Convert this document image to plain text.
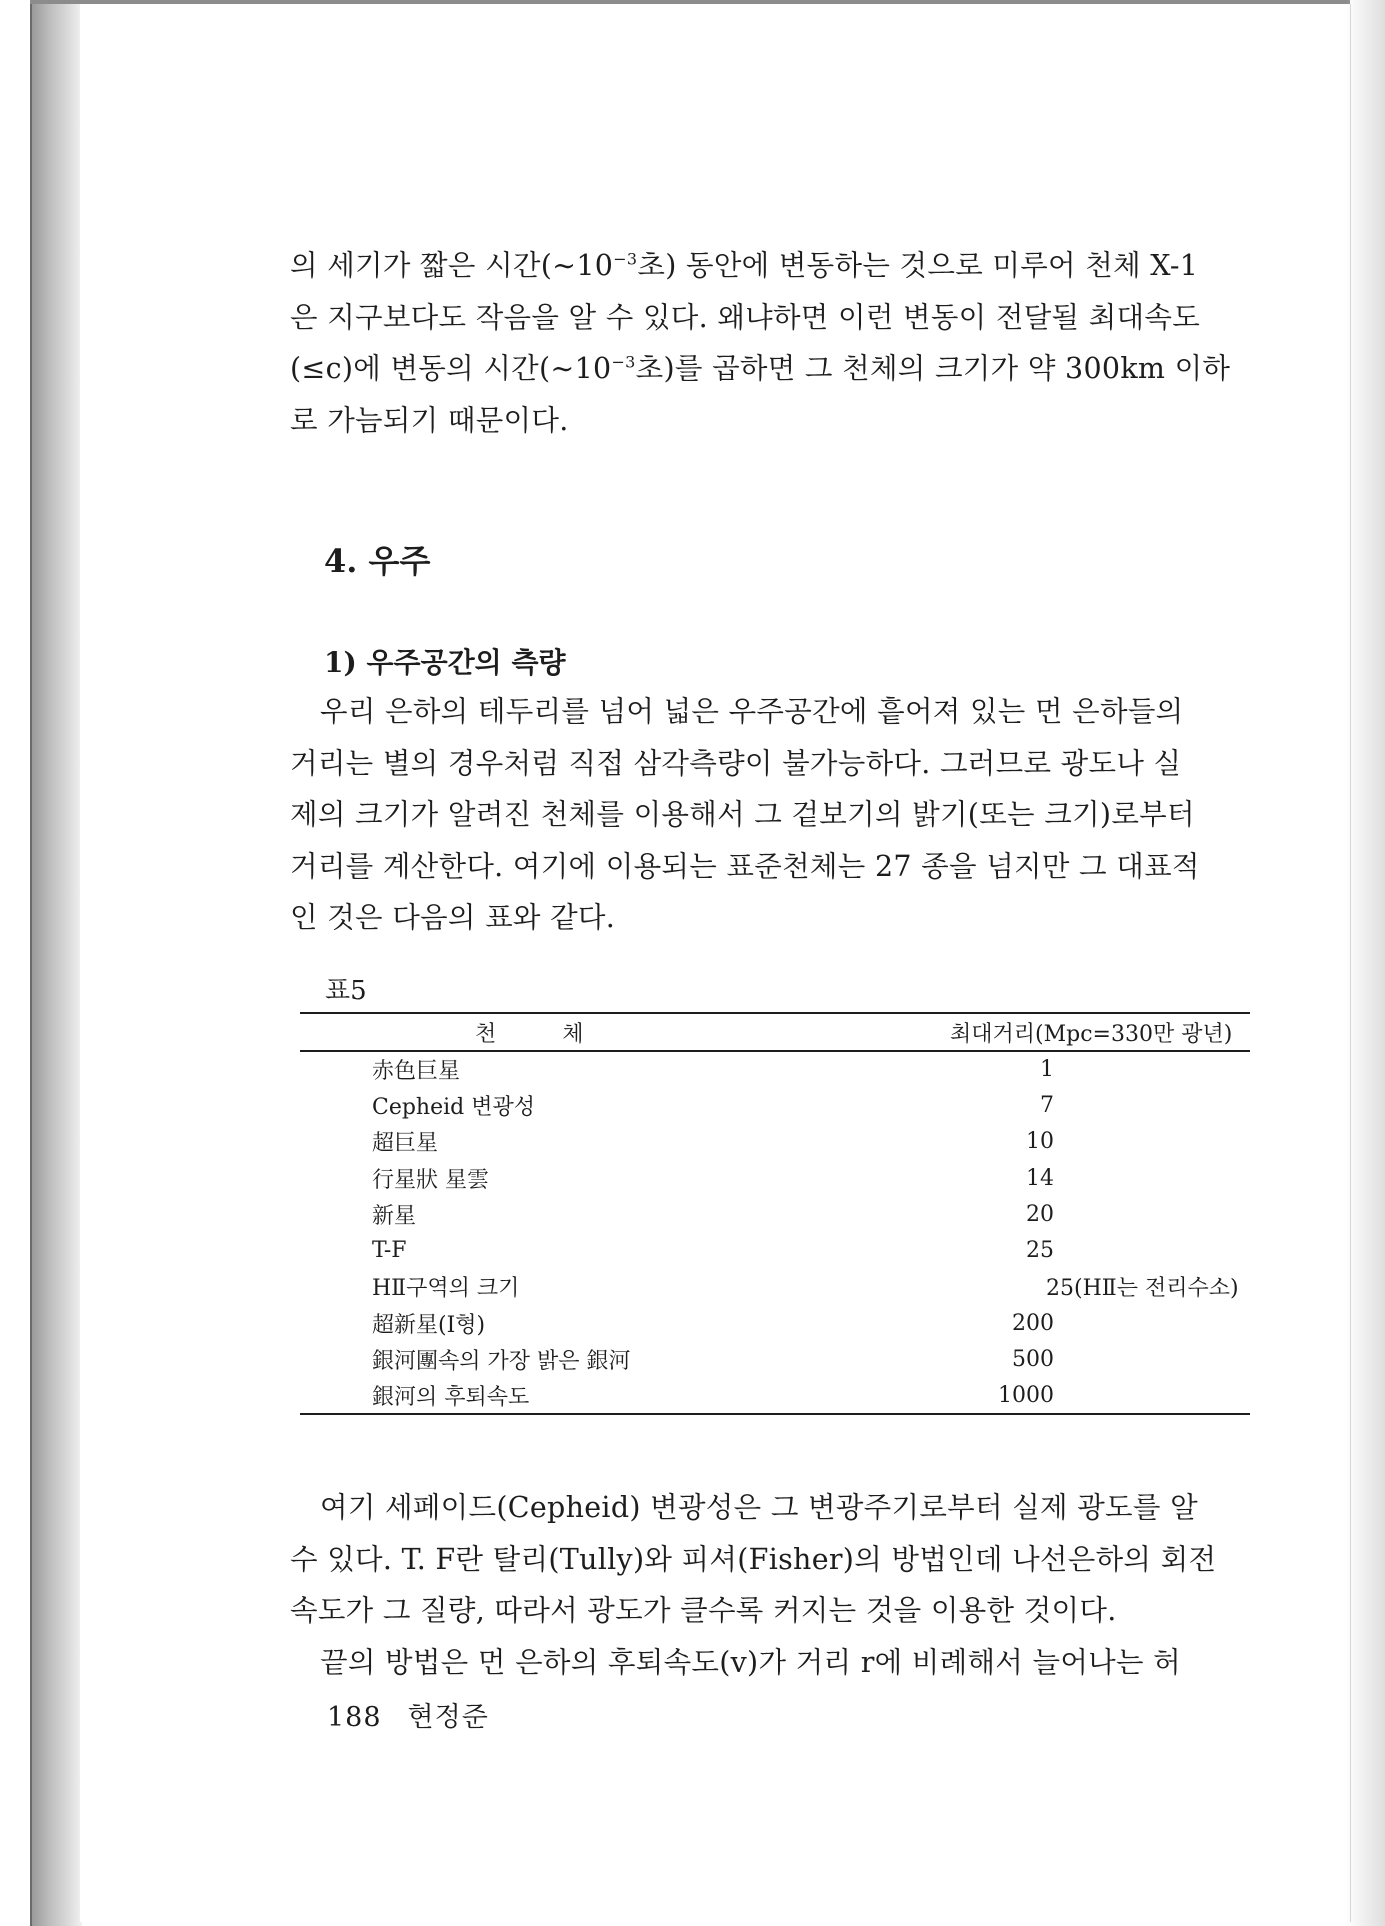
의 세기가 짧은 시간($\sim 10^{-3}$초) 동안에 변동하는 것으로 미루어 천체 X-1
은 지구보다도 작음을 알 수 있다. 왜냐하면 이런 변동이 전달될 최대속도
(≤c)에 변동의 시간($\sim 10^{-3}$초)를 곱하면 그 천체의 크기가 약 300km 이하
로 가늠되기 때문이다.

4. 우주
1) 우주공간의 측량

우리 은하의 테두리를 넘어 넓은 우주공간에 흩어져 있는 먼 은하들의
거리는 별의 경우처럼 직접 삼각측량이 불가능하다. 그러므로 광도나 실
제의 크기가 알려진 천체를 이용해서 그 겉보기의 밝기(또는 크기)로부터
거리를 계산한다. 여기에 이용되는 표준천체는 27 종을 넘지만 그 대표적
인 것은 다음의 표와 같다.

표5
천　　　체	최대거리(Mpc=330만 광년)
赤色巨星	1
Cepheid 변광성	7
超巨星	10
行星狀 星雲	14
新星	20
T-F	25
HⅡ구역의 크기	25(HⅡ는 전리수소)
超新星(Ⅰ형)	200
銀河團속의 가장 밝은 銀河	500
銀河의 후퇴속도	1000

여기 세페이드(Cepheid) 변광성은 그 변광주기로부터 실제 광도를 알
수 있다. T. F란 탈리(Tully)와 피셔(Fisher)의 방법인데 나선은하의 회전
속도가 그 질량, 따라서 광도가 클수록 커지는 것을 이용한 것이다.
끝의 방법은 먼 은하의 후퇴속도(v)가 거리 r에 비례해서 늘어나는 허

188 현정준
